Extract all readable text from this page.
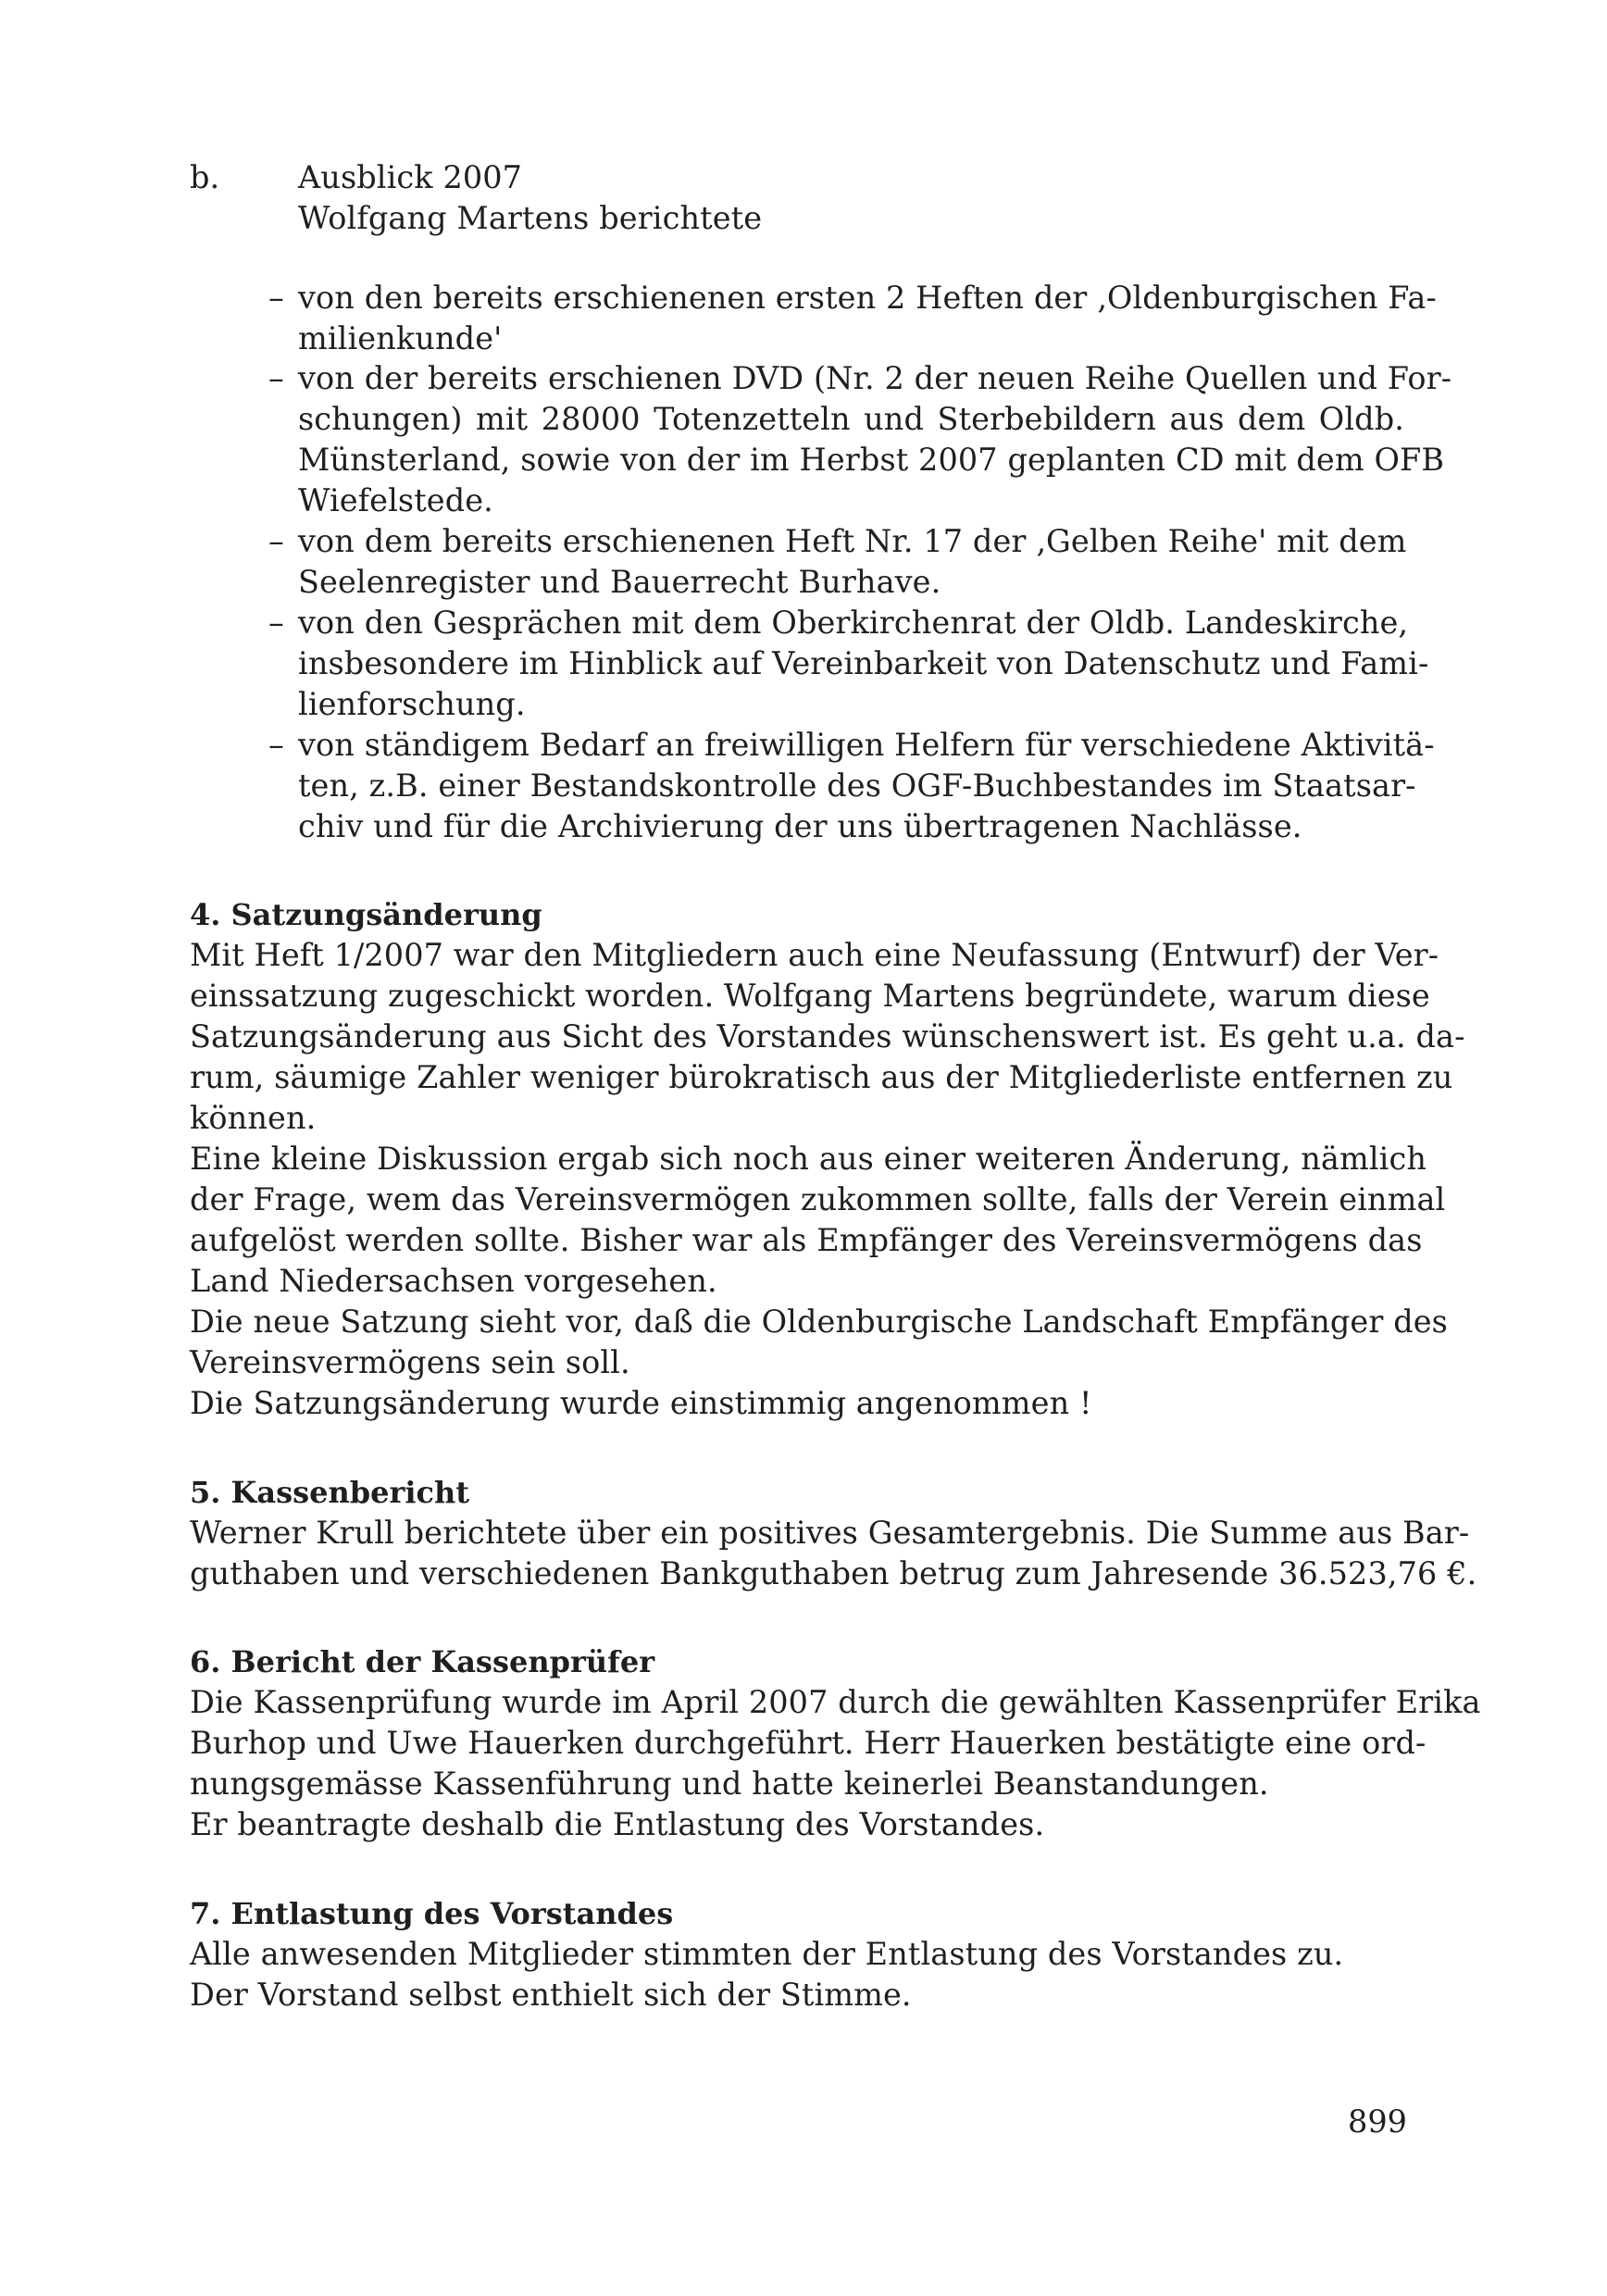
b.	Ausblick 2007
Wolfgang Martens berichtete
– von den bereits erschienenen ersten 2 Heften der ‚Oldenburgischen Fa-
milienkunde'
– von der bereits erschienen DVD (Nr. 2 der neuen Reihe Quellen und For-
schungen) mit 28000 Totenzetteln und Sterbebildern aus dem Oldb.
Münsterland, sowie von der im Herbst 2007 geplanten CD mit dem OFB
Wiefelstede.
– von dem bereits erschienenen Heft Nr. 17 der ‚Gelben Reihe' mit dem
Seelenregister und Bauerrecht Burhave.
– von den Gesprächen mit dem Oberkirchenrat der Oldb. Landeskirche,
insbesondere im Hinblick auf Vereinbarkeit von Datenschutz und Fami-
lienforschung.
– von ständigem Bedarf an freiwilligen Helfern für verschiedene Aktivitä-
ten, z.B. einer Bestandskontrolle des OGF-Buchbestandes im Staatsar-
chiv und für die Archivierung der uns übertragenen Nachlässe.
4. Satzungsänderung
Mit Heft 1/2007 war den Mitgliedern auch eine Neufassung (Entwurf) der Ver-
einssatzung zugeschickt worden. Wolfgang Martens begründete, warum diese
Satzungsänderung aus Sicht des Vorstandes wünschenswert ist. Es geht u.a. da-
rum, säumige Zahler weniger bürokratisch aus der Mitgliederliste entfernen zu
können.
Eine kleine Diskussion ergab sich noch aus einer weiteren Änderung, nämlich
der Frage, wem das Vereinsvermögen zukommen sollte, falls der Verein einmal
aufgelöst werden sollte. Bisher war als Empfänger des Vereinsvermögens das
Land Niedersachsen vorgesehen.
Die neue Satzung sieht vor, daß die Oldenburgische Landschaft Empfänger des
Vereinsvermögens sein soll.
Die Satzungsänderung wurde einstimmig angenommen !
5. Kassenbericht
Werner Krull berichtete über ein positives Gesamtergebnis. Die Summe aus Bar-
guthaben und verschiedenen Bankguthaben betrug zum Jahresende 36.523,76 €.
6. Bericht der Kassenprüfer
Die Kassenprüfung wurde im April 2007 durch die gewählten Kassenprüfer Erika
Burhop und Uwe Hauerken durchgeführt. Herr Hauerken bestätigte eine ord-
nungsgemässe Kassenführung und hatte keinerlei Beanstandungen.
Er beantragte deshalb die Entlastung des Vorstandes.
7. Entlastung des Vorstandes
Alle anwesenden Mitglieder stimmten der Entlastung des Vorstandes zu.
Der Vorstand selbst enthielt sich der Stimme.
899
